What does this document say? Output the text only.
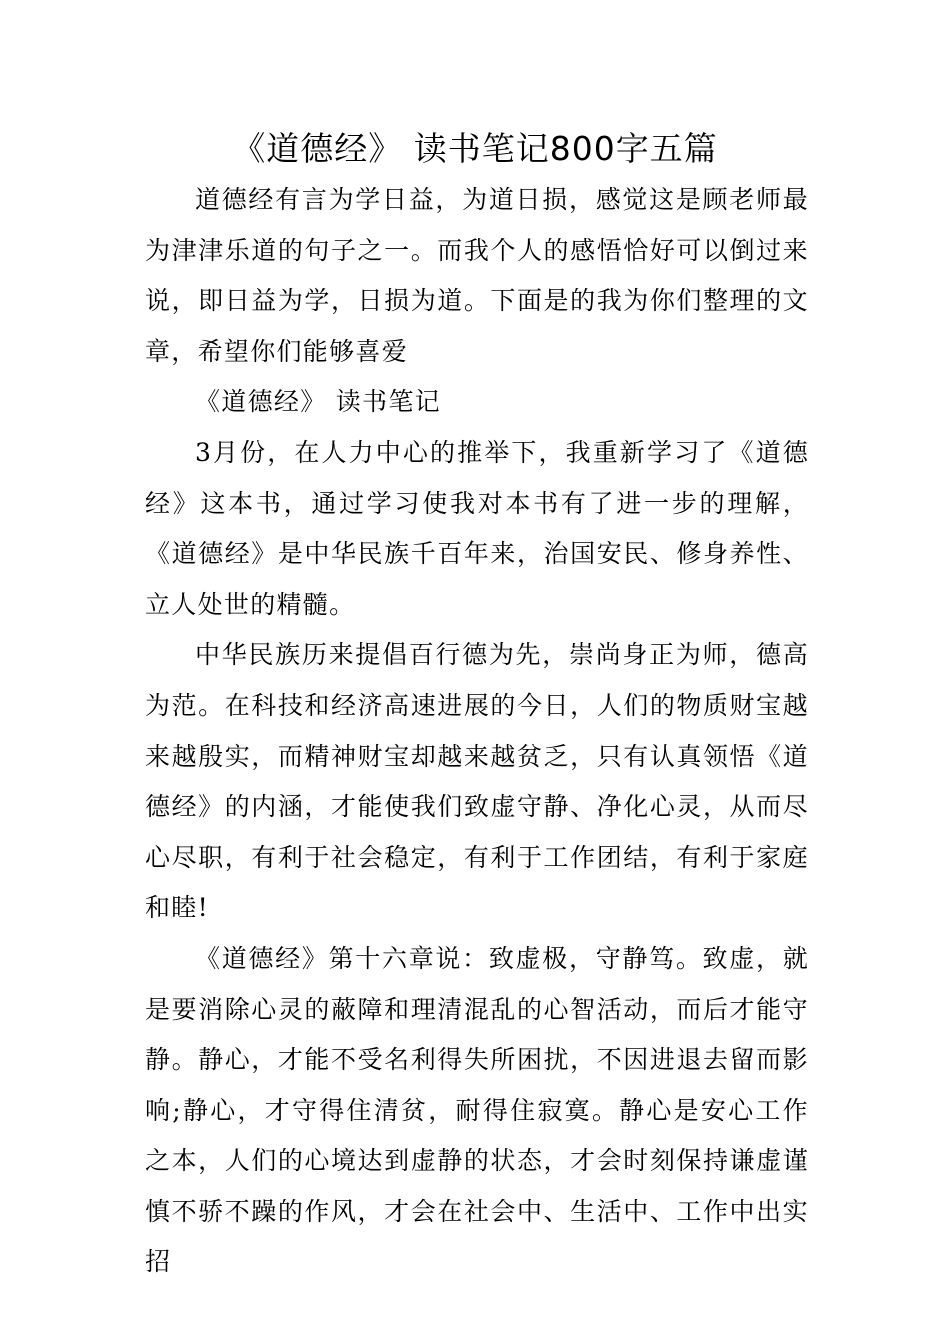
《道德经》 读书笔记800字五篇

道德经有言为学日益，为道日损，感觉这是顾老师最为津津乐道的句子之一。而我个人的感悟恰好可以倒过来说，即日益为学，日损为道。下面是的我为你们整理的文章，希望你们能够喜爱

《道德经》 读书笔记

3月份，在人力中心的推举下，我重新学习了《道德经》这本书，通过学习使我对本书有了进一步的理解，《道德经》是中华民族千百年来，治国安民、修身养性、立人处世的精髓。

中华民族历来提倡百行德为先，崇尚身正为师，德高为范。在科技和经济高速进展的今日，人们的物质财宝越来越殷实，而精神财宝却越来越贫乏，只有认真领悟《道德经》的内涵，才能使我们致虚守静、净化心灵，从而尽心尽职，有利于社会稳定，有利于工作团结，有利于家庭和睦!

《道德经》第十六章说：致虚极，守静笃。致虚，就是要消除心灵的蔽障和理清混乱的心智活动，而后才能守静。静心，才能不受名利得失所困扰，不因进退去留而影响;静心，才守得住清贫，耐得住寂寞。静心是安心工作之本，人们的心境达到虚静的状态，才会时刻保持谦虚谨慎不骄不躁的作风，才会在社会中、生活中、工作中出实招
